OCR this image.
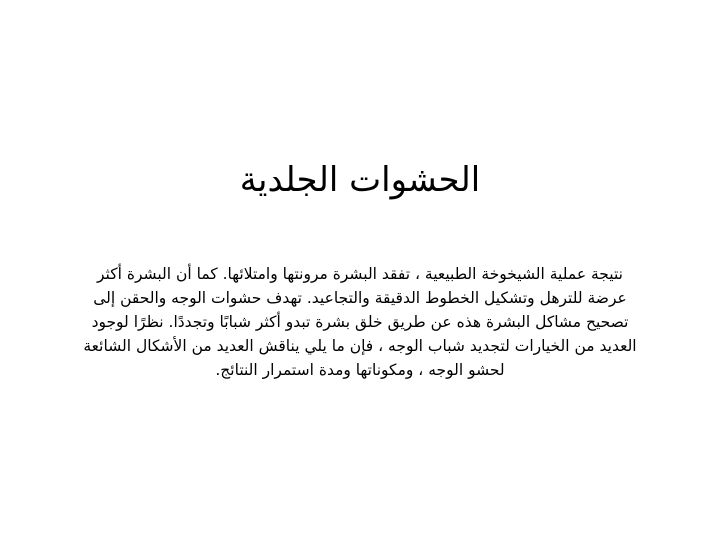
الحشوات الجلدية
نتيجة عملية الشيخوخة الطبيعية ، تفقد البشرة مرونتها وامتلائها. كما أن البشرة أكثر عرضة للترهل وتشكيل الخطوط الدقيقة والتجاعيد. تهدف حشوات الوجه والحقن إلى تصحيح مشاكل البشرة هذه عن طريق خلق بشرة تبدو أكثر شبابًا وتجددًا. نظرًا لوجود العديد من الخيارات لتجديد شباب الوجه ، فإن ما يلي يناقش العديد من الأشكال الشائعة لحشو الوجه ، ومكوناتها ومدة استمرار النتائج.
